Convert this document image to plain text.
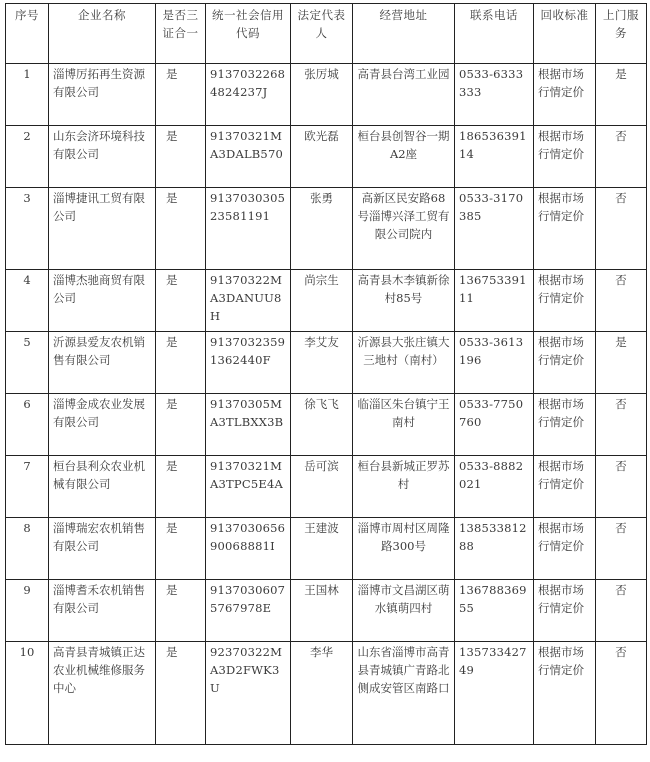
序号	企业名称	是否三证合一	统一社会信用代码	法定代表人	经营地址	联系电话	回收标准	上门服务
1	淄博厉拓再生资源有限公司	是	91370322684824237J	张厉城	高青县台湾工业园	0533-6333333	根据市场行情定价	是
2	山东会济环境科技有限公司	是	91370321MA3DALB570	欧光磊	桓台县创智谷一期A2座	18653639114	根据市场行情定价	否
3	淄博捷讯工贸有限公司	是	913703030523581191	张勇	高新区民安路68号淄博兴泽工贸有限公司院内	0533-3170385	根据市场行情定价	否
4	淄博杰驰商贸有限公司	是	91370322MA3DANUU8H	尚宗生	高青县木李镇新徐村85号	13675339111	根据市场行情定价	否
5	沂源县爱友农机销售有限公司	是	91370323591362440F	李艾友	沂源县大张庄镇大三地村（南村）	0533-3613196	根据市场行情定价	是
6	淄博金成农业发展有限公司	是	91370305MA3TLBXX3B	徐飞飞	临淄区朱台镇宁王南村	0533-7750760	根据市场行情定价	否
7	桓台县利众农业机械有限公司	是	91370321MA3TPC5E4A	岳可滨	桓台县新城正罗苏村	0533-8882021	根据市场行情定价	否
8	淄博瑞宏农机销售有限公司	是	913703065690068881I	王建波	淄博市周村区周隆路300号	13853381288	根据市场行情定价	否
9	淄博耆禾农机销售有限公司	是	91370306075767978E	王国林	淄博市文昌湖区萌水镇萌四村	13678836955	根据市场行情定价	否
10	高青县青城镇正达农业机械维修服务中心	是	92370322MA3D2FWK3U	李华	山东省淄博市高青县青城镇广青路北侧成安管区南路口	13573342749	根据市场行情定价	否
